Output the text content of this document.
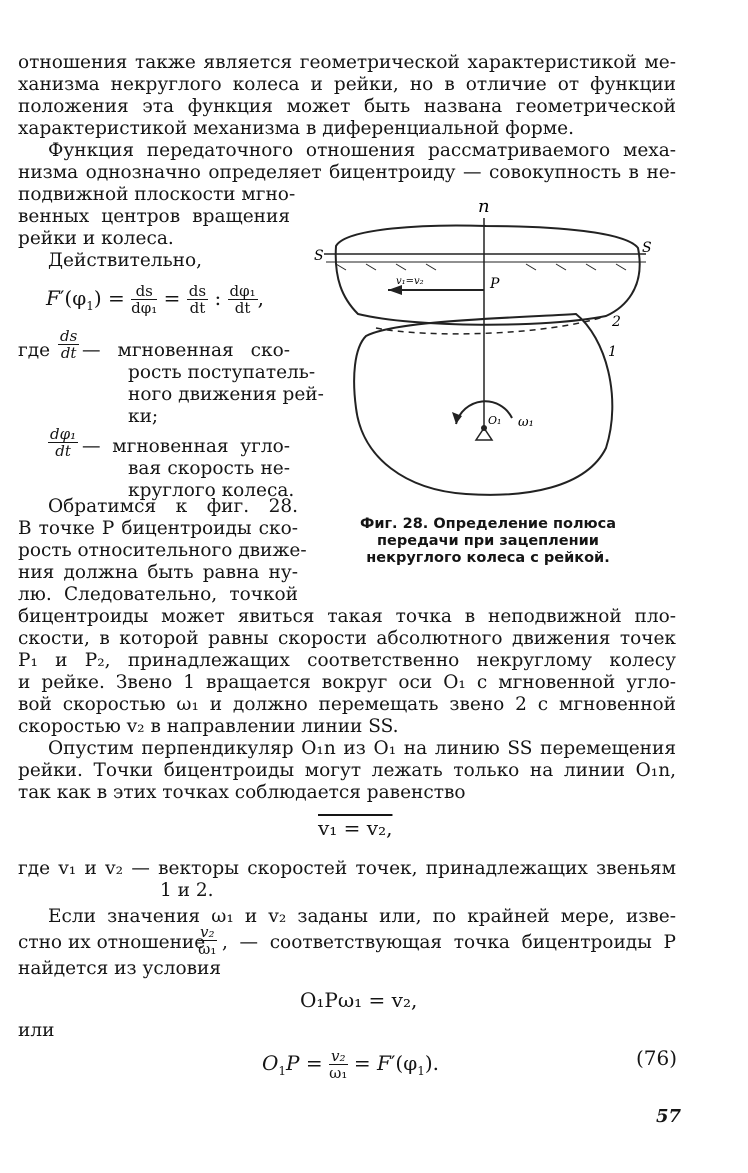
отношения также является геометрической характеристикой ме-
ханизма некруглого колеса и рейки, но в отличие от функции
положения эта функция может быть названа геометрической
характеристикой механизма в диференциальной форме.
Функция передаточного отношения рассматриваемого меха-
низма однозначно определяет бицентроиду — совокупность в не-
подвижной плоскости мгно-
венных центров вращения
рейки и колеса.
Действительно,
$F'(\varphi_1) = \frac{ds}{\text{dφ₁}} = \frac{ds}{dt}$ : $\frac{\text{dφ₁}}{dt}$ ,
где $\frac{ds}{dt}$ — мгновенная ско-
рость поступатель-
ного движения рей-
ки;
$\frac{\text{dφ₁}}{dt}$ — мгновенная угло-
вая скорость не-
круглого колеса.
Обратимся к фиг. 28.
В точке P бицентроиды ско-
рость относительного движе-
ния должна быть равна ну-
лю. Следовательно, точкой
бицентроиды может явиться такая точка в неподвижной пло-
скости, в которой равны скорости абсолютного движения точек
P₁ и P₂, принадлежащих соответственно некруглому колесу
и рейке. Звено 1 вращается вокруг оси O₁ с мгновенной угло-
вой скоростью ω₁ и должно перемещать звено 2 с мгновенной
скоростью v₂ в направлении линии SS.
Опустим перпендикуляр O₁n из O₁ на линию SS перемещения
рейки. Точки бицентроиды могут лежать только на линии O₁n,
так как в этих точках соблюдается равенство
v₁ = v₂,
где v₁ и v₂ — векторы скоростей точек, принадлежащих звеньям
1 и 2.
Если значения ω₁ и v₂ заданы или, по крайней мере, изве-
стно их отношение
$\frac{\text{v₂}}{\text{ω₁}}$ , — соответствующая точка бицентроиды P
найдется из условия
O₁Pω₁ = v₂,
или
$O_1P = \frac{\text{v₂}}{\text{ω₁}} = F'(\varphi_1)$.	(76)
n
S	S
v₁=v₂	P
2
1
O₁ ω₁
Фиг. 28. Определение полюса передачи при зацеплении некруглого колеса с рейкой.
57
